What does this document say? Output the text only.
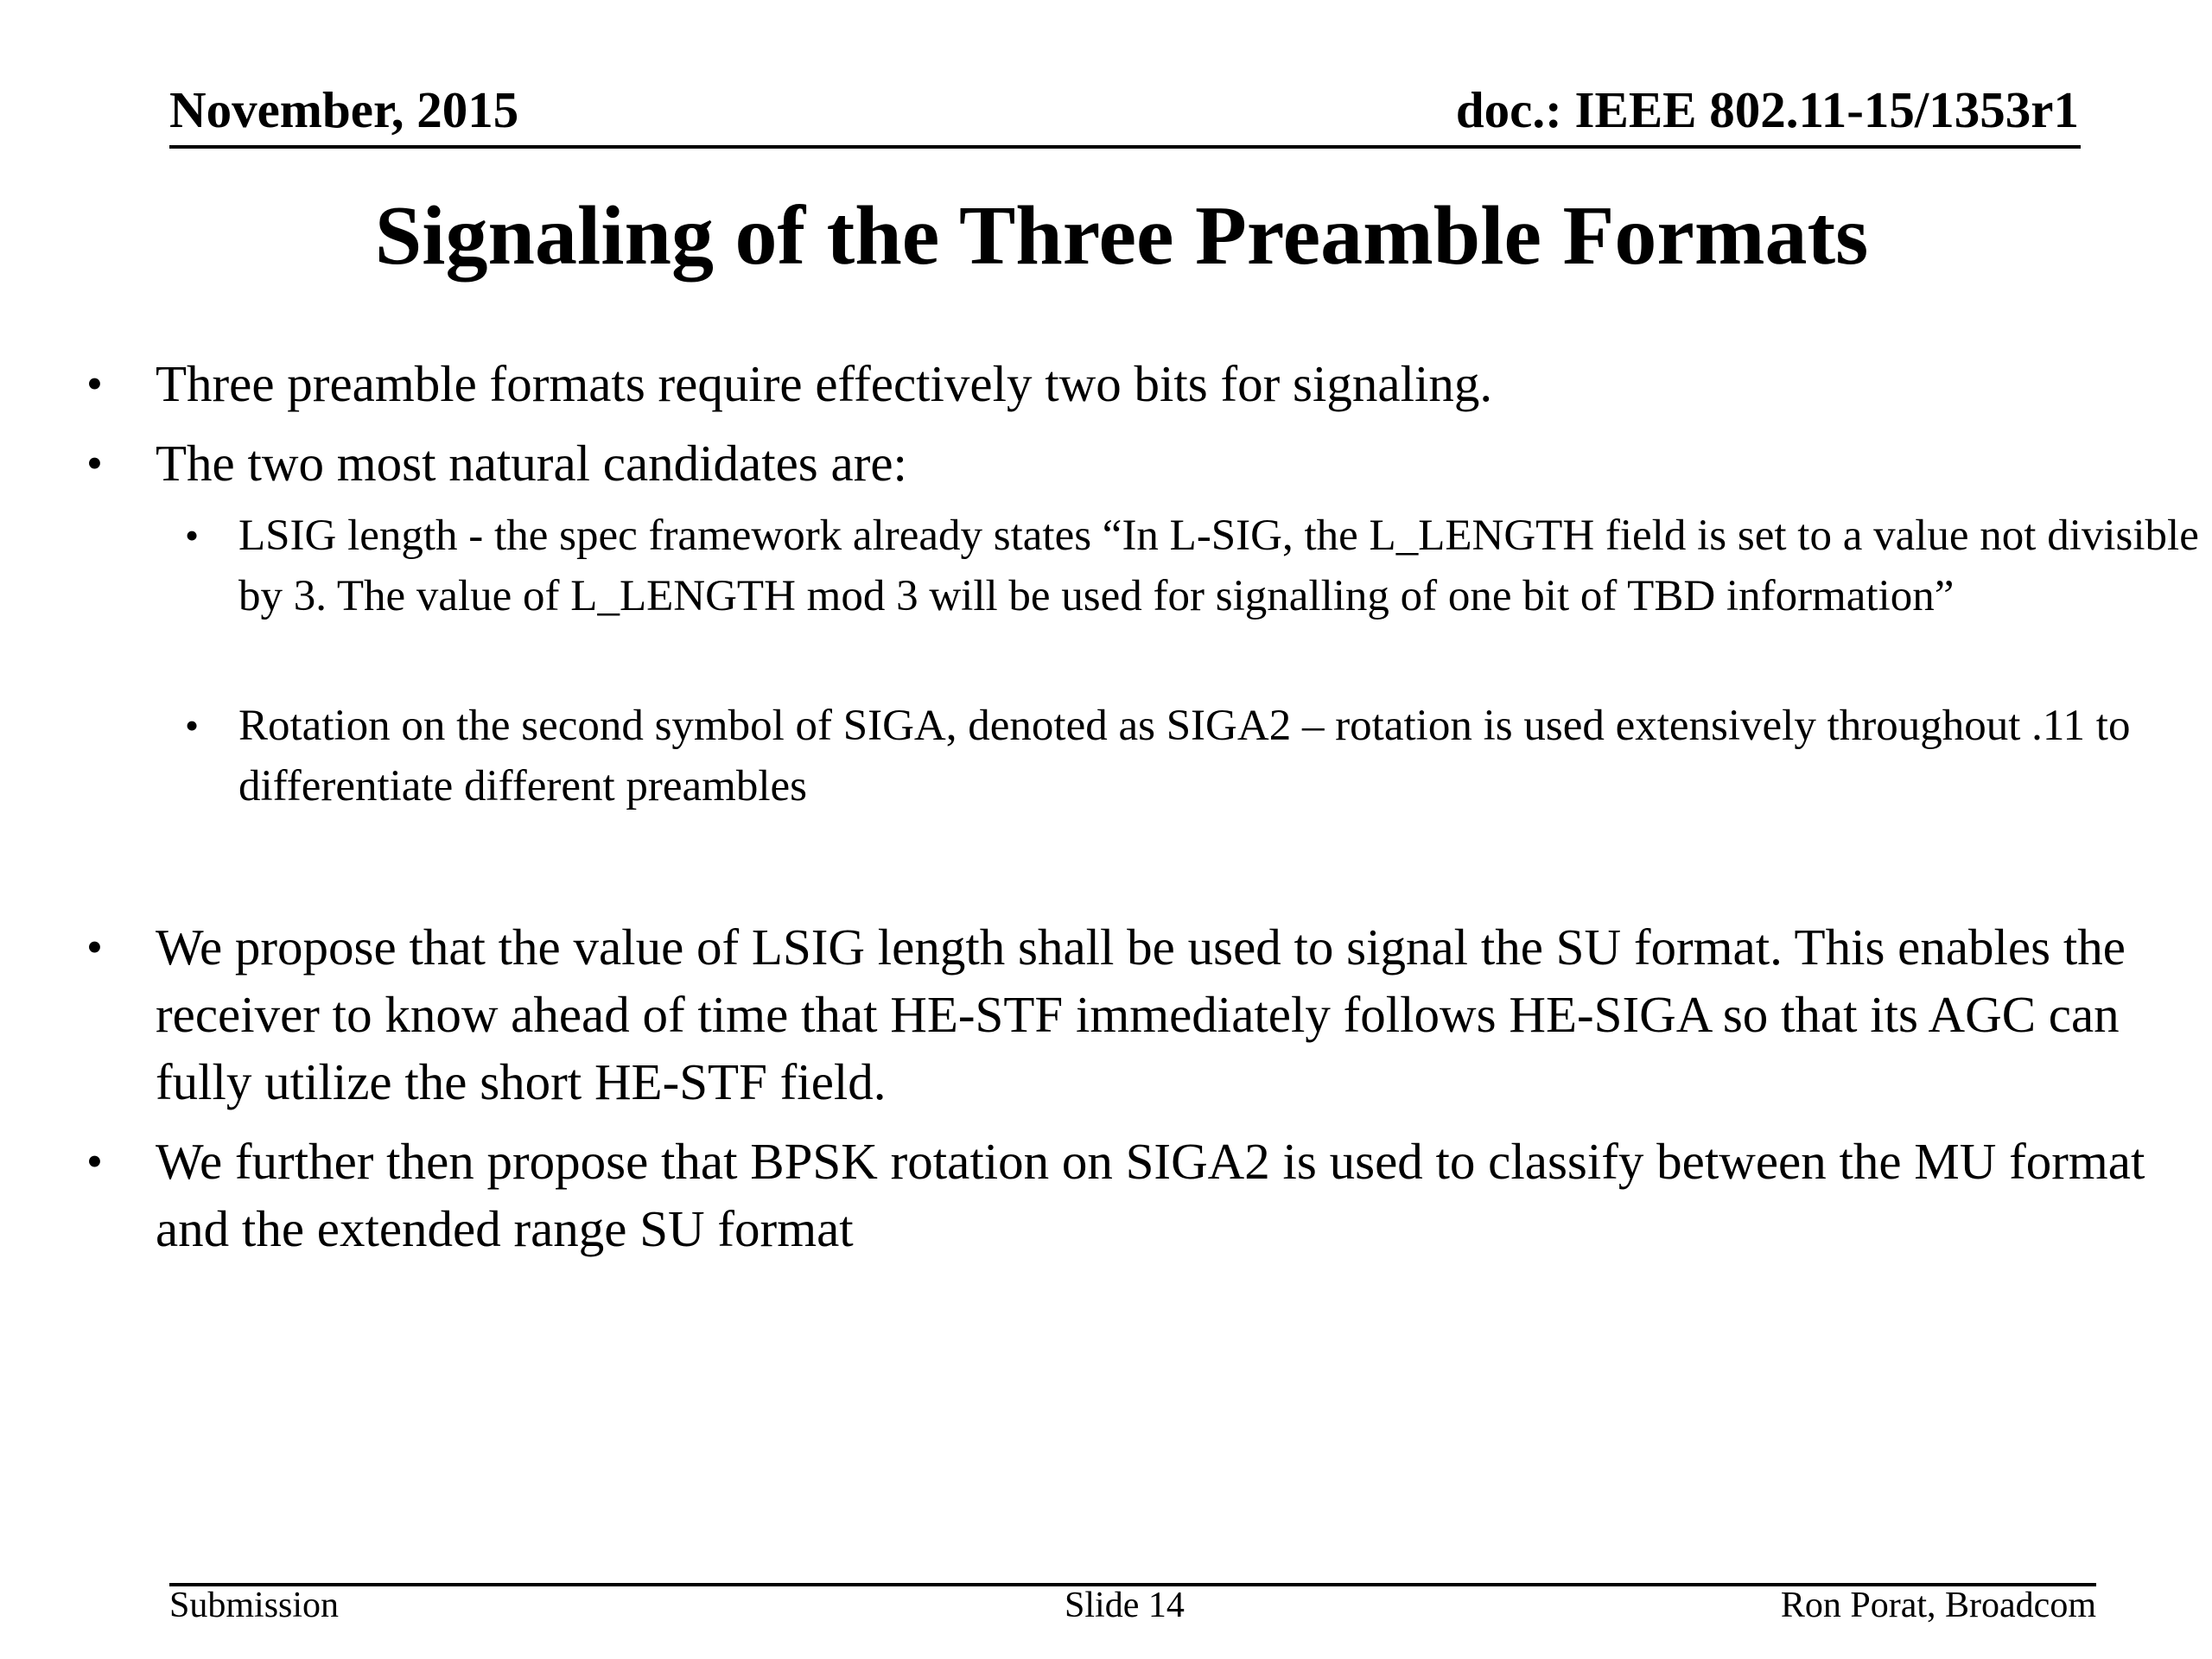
November, 2015	doc.: IEEE 802.11-15/1353r1
Signaling of the Three Preamble Formats
• Three preamble formats require effectively two bits for signaling.
• The two most natural candidates are:
• LSIG length - the spec framework already states “In L-SIG, the L_LENGTH field is set to a value not divisible by 3. The value of L_LENGTH mod 3 will be used for signalling of one bit of TBD information”
• Rotation on the second symbol of SIGA, denoted as SIGA2 – rotation is used extensively throughout .11 to differentiate different preambles
• We propose that the value of LSIG length shall be used to signal the SU format. This enables the receiver to know ahead of time that HE-STF immediately follows HE-SIGA so that its AGC can fully utilize the short HE-STF field.
• We further then propose that BPSK rotation on SIGA2 is used to classify between the MU format and the extended range SU format
Submission	Slide 14	Ron Porat, Broadcom
